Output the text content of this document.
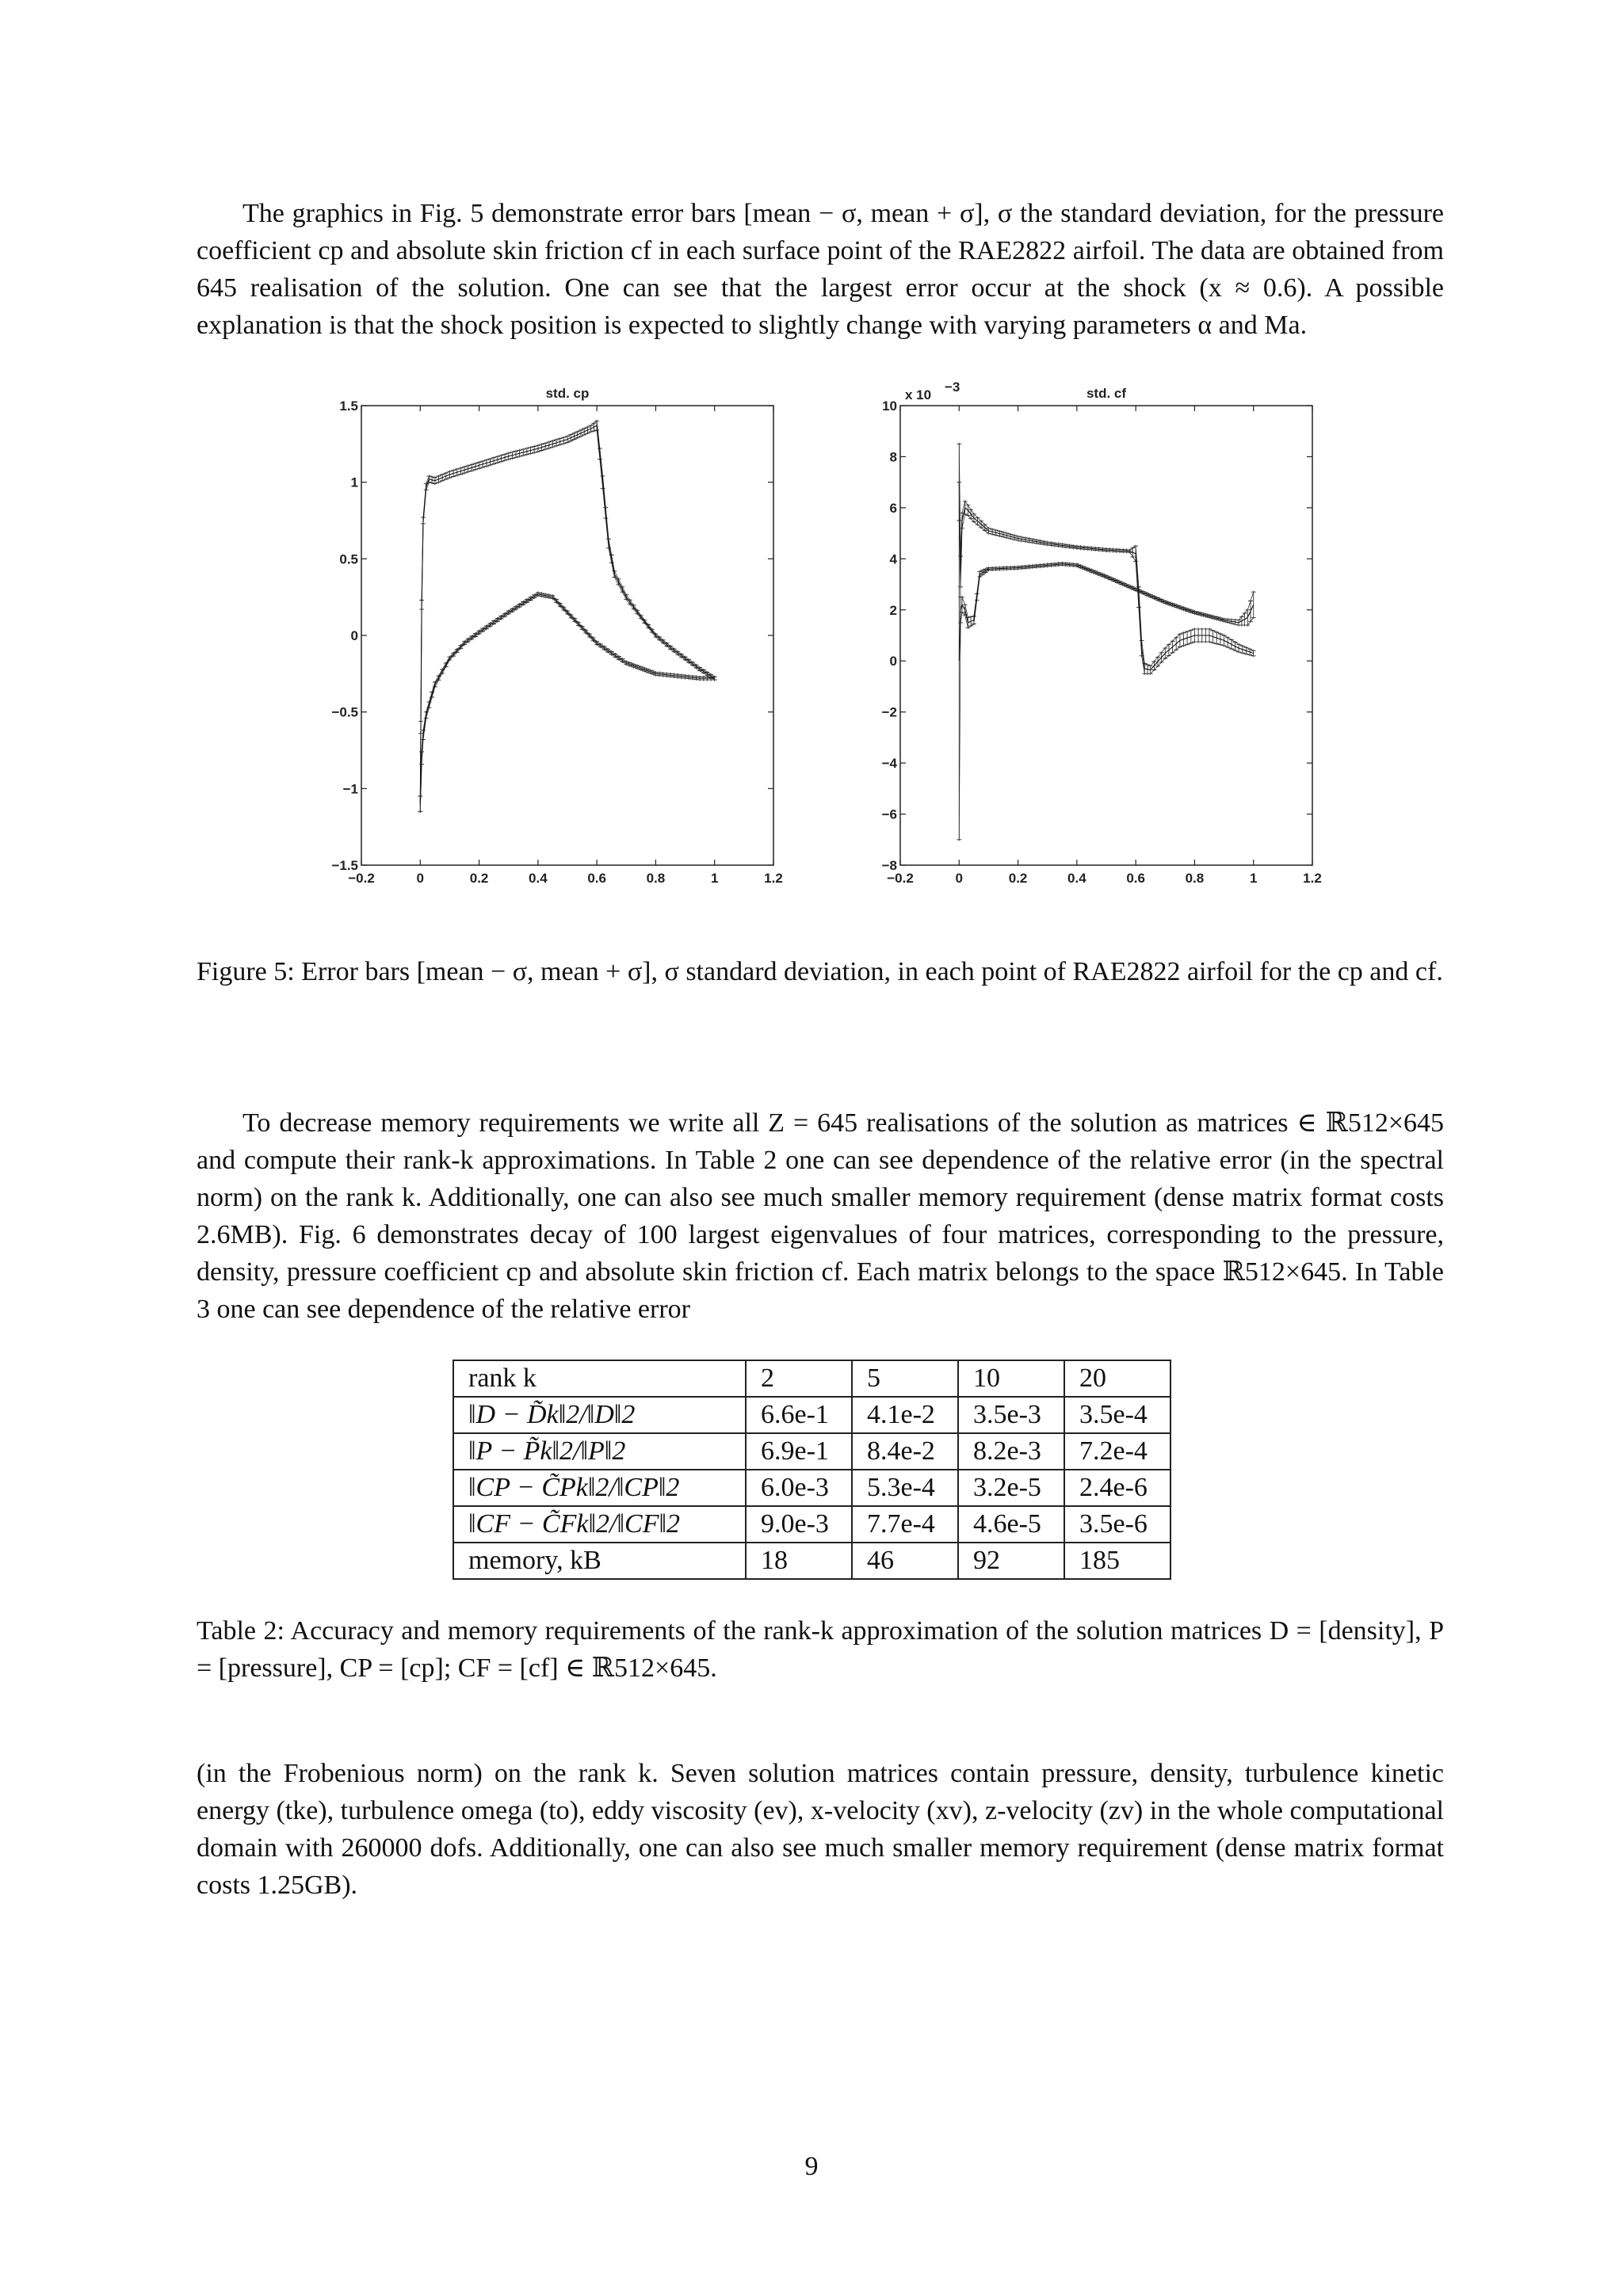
The graphics in Fig. 5 demonstrate error bars [mean − σ, mean + σ], σ the standard deviation, for the pressure coefficient cp and absolute skin friction cf in each surface point of the RAE2822 airfoil. The data are obtained from 645 realisation of the solution. One can see that the largest error occur at the shock (x ≈ 0.6). A possible explanation is that the shock position is expected to slightly change with varying parameters α and Ma.

−0.2	0	0.2	0.4	0.6	0.8	1	1.2
−1.5
−1
−0.5
0
0.5
1
1.5
std. cp
−0.2	0	0.2	0.4	0.6	0.8	1	1.2
−8
−6
−4
−2
0
2
4
6
8
10
std. cf
x 10
−3

Figure 5: Error bars [mean − σ, mean + σ], σ standard deviation, in each point of RAE2822 airfoil for the cp and cf.

To decrease memory requirements we write all Z = 645 realisations of the solution as matrices ∈ ℝ512×645 and compute their rank-k approximations. In Table 2 one can see dependence of the relative error (in the spectral norm) on the rank k. Additionally, one can also see much smaller memory requirement (dense matrix format costs 2.6MB). Fig. 6 demonstrates decay of 100 largest eigenvalues of four matrices, corresponding to the pressure, density, pressure coefficient cp and absolute skin friction cf. Each matrix belongs to the space ℝ512×645. In Table 3 one can see dependence of the relative error

rank k	2	5	10	20
‖D − D̃k‖2/‖D‖2	6.6e-1	4.1e-2	3.5e-3	3.5e-4
‖P − P̃k‖2/‖P‖2	6.9e-1	8.4e-2	8.2e-3	7.2e-4
‖CP − C̃Pk‖2/‖CP‖2	6.0e-3	5.3e-4	3.2e-5	2.4e-6
‖CF − C̃Fk‖2/‖CF‖2	9.0e-3	7.7e-4	4.6e-5	3.5e-6
memory, kB	18	46	92	185

Table 2: Accuracy and memory requirements of the rank-k approximation of the solution matrices D = [density], P = [pressure], CP = [cp]; CF = [cf] ∈ ℝ512×645.

(in the Frobenious norm) on the rank k. Seven solution matrices contain pressure, density, turbulence kinetic energy (tke), turbulence omega (to), eddy viscosity (ev), x-velocity (xv), z-velocity (zv) in the whole computational domain with 260000 dofs. Additionally, one can also see much smaller memory requirement (dense matrix format costs 1.25GB).

9
